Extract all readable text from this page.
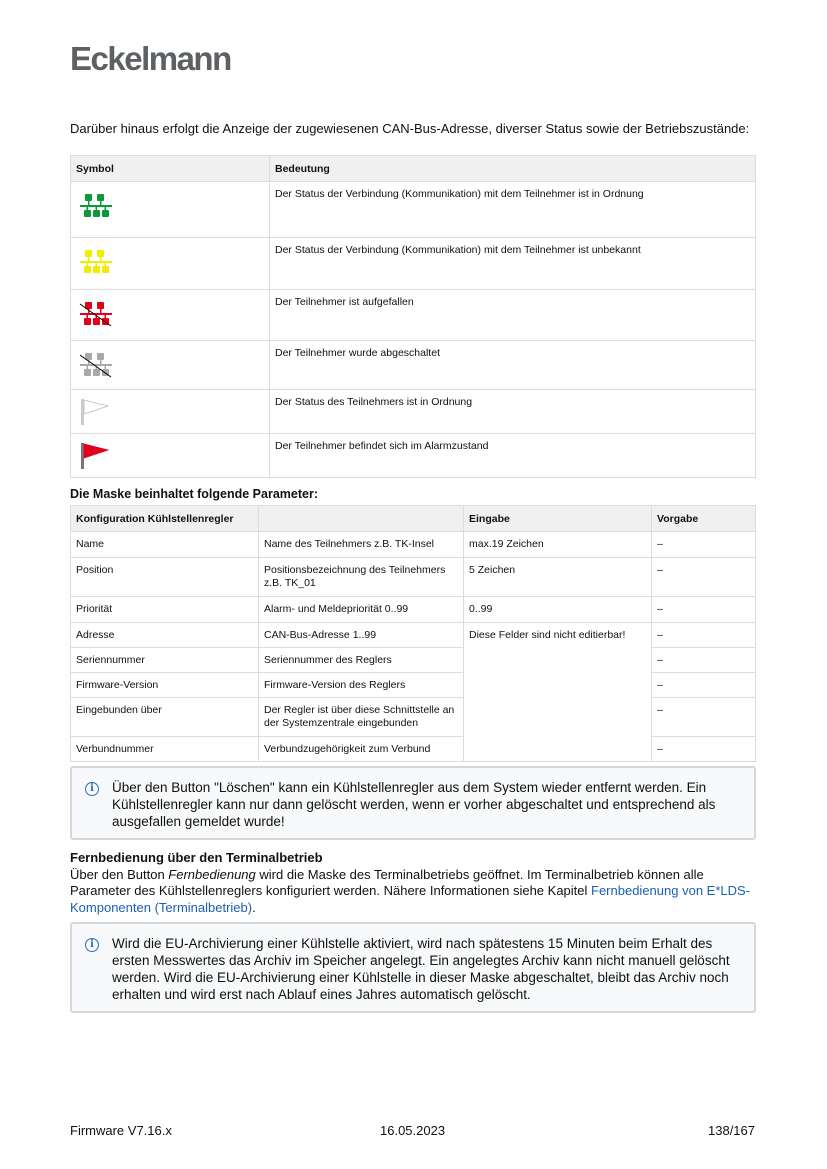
Eckelmann
Darüber hinaus erfolgt die Anzeige der zugewiesenen CAN-Bus-Adresse, diverser Status sowie der Betriebszustände:
Symbol	Bedeutung
	Der Status der Verbindung (Kommunikation) mit dem Teilnehmer ist in Ordnung
	Der Status der Verbindung (Kommunikation) mit dem Teilnehmer ist unbekannt
	Der Teilnehmer ist aufgefallen
	Der Teilnehmer wurde abgeschaltet
	Der Status des Teilnehmers ist in Ordnung
	Der Teilnehmer befindet sich im Alarmzustand
Die Maske beinhaltet folgende Parameter:
Konfiguration Kühlstellenregler		Eingabe	Vorgabe
Name	Name des Teilnehmers z.B. TK-Insel	max.19 Zeichen	–
Position	Positionsbezeichnung des Teilnehmers z.B. TK_01	5 Zeichen	–
Priorität	Alarm- und Meldepriorität 0..99	0..99	–
Adresse	CAN-Bus-Adresse 1..99	Diese Felder sind nicht editierbar!	–
Seriennummer	Seriennummer des Reglers		–
Firmware-Version	Firmware-Version des Reglers		–
Eingebunden über	Der Regler ist über diese Schnittstelle an der Systemzentrale eingebunden		–
Verbundnummer	Verbundzugehörigkeit zum Verbund		–
i	Über den Button "Löschen" kann ein Kühlstellenregler aus dem System wieder entfernt werden. Ein Kühlstellenregler kann nur dann gelöscht werden, wenn er vorher abgeschaltet und entsprechend als ausgefallen gemeldet wurde!
Fernbedienung über den Terminalbetrieb
Über den Button Fernbedienung wird die Maske des Terminalbetriebs geöffnet. Im Terminalbetrieb können alle Parameter des Kühlstellenreglers konfiguriert werden. Nähere Informationen siehe Kapitel Fernbedienung von E*LDS-Komponenten (Terminalbetrieb).
i	Wird die EU-Archivierung einer Kühlstelle aktiviert, wird nach spätestens 15 Minuten beim Erhalt des ersten Messwertes das Archiv im Speicher angelegt. Ein angelegtes Archiv kann nicht manuell gelöscht werden. Wird die EU-Archivierung einer Kühlstelle in dieser Maske abgeschaltet, bleibt das Archiv noch erhalten und wird erst nach Ablauf eines Jahres automatisch gelöscht.
Firmware V7.16.x	16.05.2023	138/167
